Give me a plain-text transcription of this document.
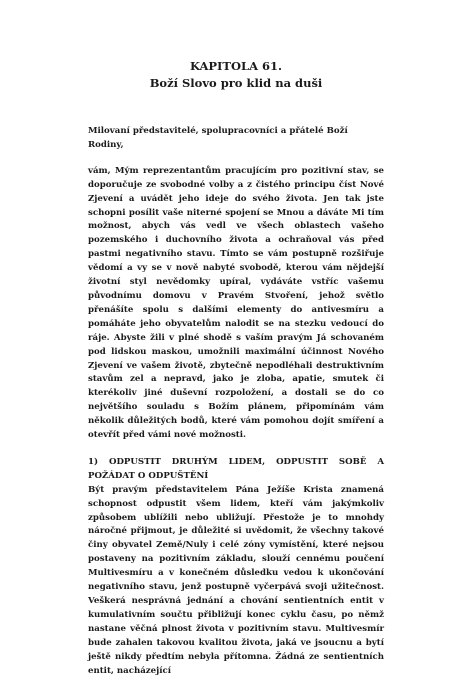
KAPITOLA 61.
Boží Slovo pro klid na duši

Milovaní představitelé, spolupracovníci a přátelé Boží Rodiny,

vám, Mým reprezentantům pracujícím pro pozitivní stav, se doporučuje ze svobodné volby a z čistého principu číst Nové Zjevení a uvádět jeho ideje do svého života. Jen tak jste schopni posílit vaše niterné spojení se Mnou a dáváte Mi tím možnost, abych vás vedl ve všech oblastech vašeho pozemského i duchovního života a ochraňoval vás před pastmi negativního stavu. Tímto se vám postupně rozšiřuje vědomí a vy se v nově nabyté svobodě, kterou vám nějdejší životní styl nevědomky upíral, vydáváte vstříc vašemu původnímu domovu v Pravém Stvoření, jehož světlo přenášíte spolu s dalšími elementy do antivesmíru a pomáháte jeho obyvatelům nalodit se na stezku vedoucí do ráje. Abyste žili v plné shodě s vaším pravým Já schovaném pod lidskou maskou, umožnili maximální účinnost Nového Zjevení ve vašem životě, zbytečně nepodléhali destruktivním stavům zel a nepravd, jako je zloba, apatie, smutek či kterékoliv jiné duševní rozpoložení, a dostali se do co největšího souladu s Božím plánem, připomínám vám několik důležitých bodů, které vám pomohou dojít smíření a otevřít před vámi nové možnosti.

1) ODPUSTIT DRUHÝM LIDEM, ODPUSTIT SOBĚ A POŽÁDAT O ODPUŠTĚNÍ

Být pravým představitelem Pána Ježíše Krista znamená schopnost odpustit všem lidem, kteří vám jakýmkoliv způsobem ublížili nebo ubližují. Přestože je to mnohdy náročné přijmout, je důležité si uvědomit, že všechny takové činy obyvatel Země/Nuly i celé zóny vymístění, které nejsou postaveny na pozitivním základu, slouží cennému poučení Multivesmíru a v konečném důsledku vedou k ukončování negativního stavu, jenž postupně vyčerpává svoji užitečnost. Veškerá nesprávná jednání a chování sentientních entit v kumulativním součtu přibližují konec cyklu času, po němž nastane věčná plnost života v pozitivním stavu. Multivesmír bude zahalen takovou kvalitou života, jaká ve jsoucnu a bytí ještě nikdy předtím nebyla přítomna. Žádná ze sentientních entit, nacházející
